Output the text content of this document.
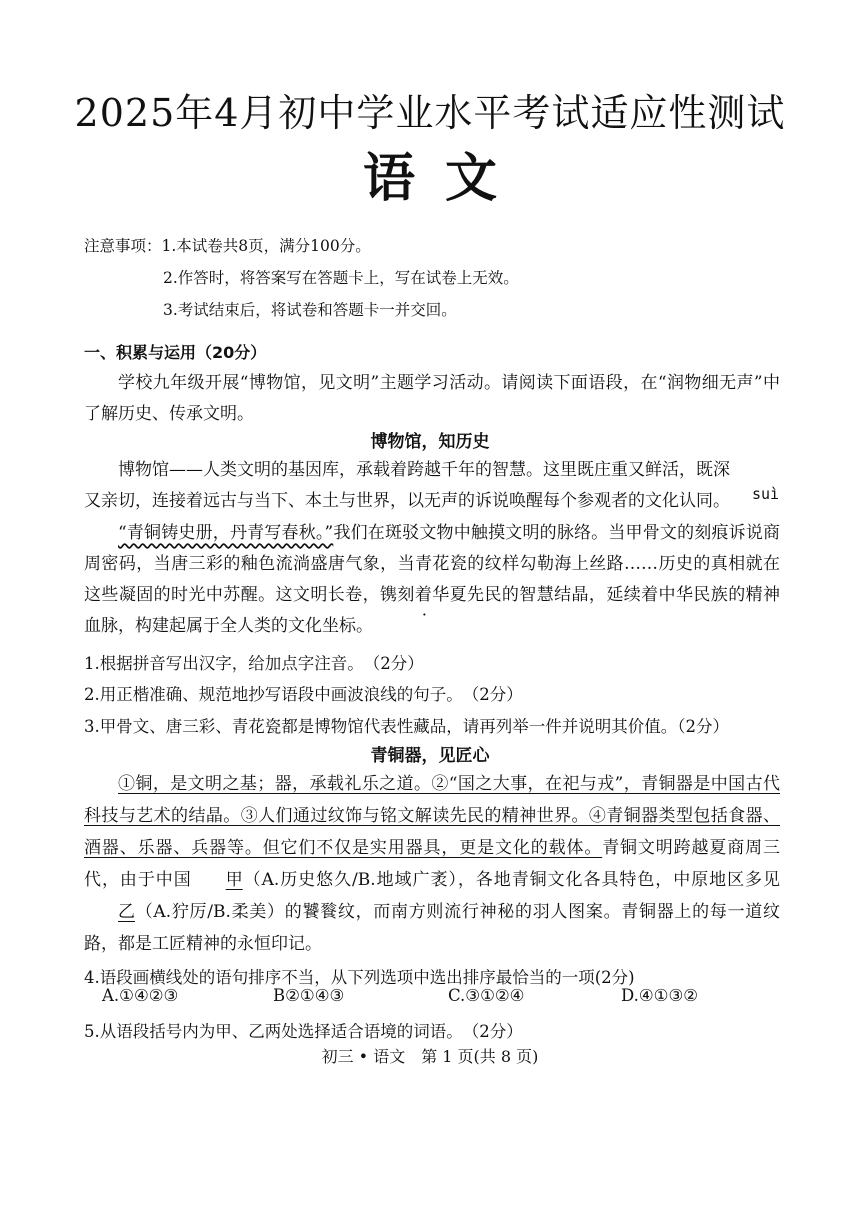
2025年4月初中学业水平考试适应性测试
语文
注意事项：1.本试卷共8页，满分100分。
2.作答时，将答案写在答题卡上，写在试卷上无效。
3.考试结束后，将试卷和答题卡一并交回。
一、积累与运用（20分）
学校九年级开展“博物馆，见文明”主题学习活动。请阅读下面语段，在“润物细无声”中了解历史、传承文明。
博物馆，知历史
博物馆——人类文明的基因库，承载着跨越千年的智慧。这里既庄重又鲜活，既深
suì
又亲切，连接着远古与当下、本土与世界，以无声的诉说唤醒每个参观者的文化认同。
“青铜铸史册，丹青写春秋。”我们在斑驳文物中触摸文明的脉络。当甲骨文的刻痕诉说商周密码，当唐三彩的釉色流淌盛唐气象，当青花瓷的纹样勾勒海上丝路……历史的真相就在这些凝固的时光中苏醒。这文明长卷，镌 ·刻着华夏先民的智慧结晶，延续着中华民族的精神血脉，构建起属于全人类的文化坐标。
1.根据拼音写出汉字，给加点字注音。　（2分）
2.用正楷准确、规范地抄写语段中画波浪线的句子。　（2分）
3.甲骨文、唐三彩、青花瓷都是博物馆代表性藏品，请再列举一件并说明其价值。（2分）
青铜器，见匠心
①铜，是文明之基；器，承载礼乐之道。②“国之大事，在祀与戎”，青铜器是中国古代科技与艺术的结晶。③人们通过纹饰与铭文解读先民的精神世界。④青铜器类型包括食器、酒器、乐器、兵器等。但它们不仅是实用器具，更是文化的载体。青铜文明跨越夏商周三代，由于中国 甲（A.历史悠久/B.地域广袤），各地青铜文化各具特色，中原地区多见乙（A.狞厉/B.柔美）的饕餮纹，而南方则流行神秘的羽人图案。青铜器上的每一道纹路，都是工匠精神的永恒印记。
4.语段画横线处的语句排序不当，从下列选项中选出排序最恰当的一项(2分)
A.①④②③	B②①④③	C.③①②④	D.④①③②
5.从语段括号内为甲、乙两处选择适合语境的词语。　（2分）
初三 • 语文　第 1 页(共 8 页)
